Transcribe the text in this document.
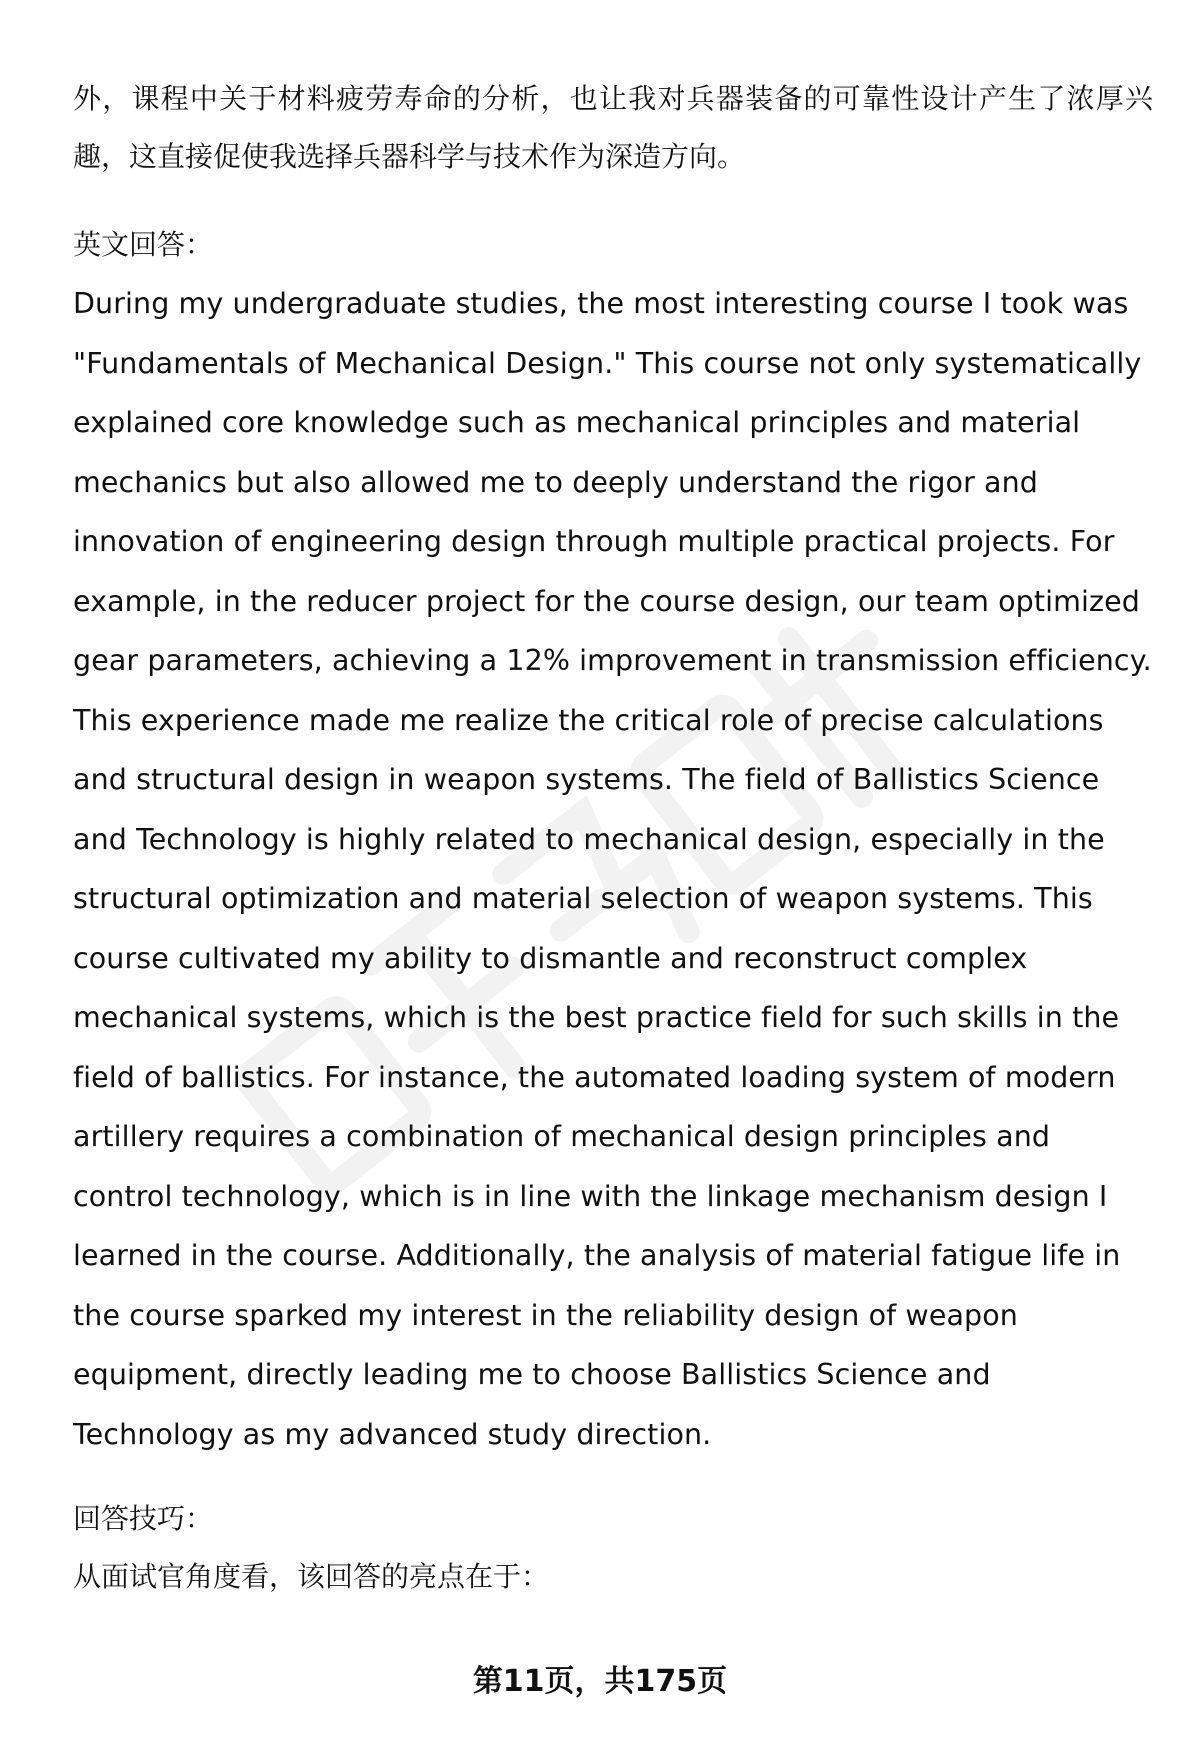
外，课程中关于材料疲劳寿命的分析，也让我对兵器装备的可靠性设计产生了浓厚兴趣，这直接促使我选择兵器科学与技术作为深造方向。

英文回答：

During my undergraduate studies, the most interesting course I took was "Fundamentals of Mechanical Design." This course not only systematically explained core knowledge such as mechanical principles and material mechanics but also allowed me to deeply understand the rigor and innovation of engineering design through multiple practical projects. For example, in the reducer project for the course design, our team optimized gear parameters, achieving a 12% improvement in transmission efficiency. This experience made me realize the critical role of precise calculations and structural design in weapon systems. The field of Ballistics Science and Technology is highly related to mechanical design, especially in the structural optimization and material selection of weapon systems. This course cultivated my ability to dismantle and reconstruct complex mechanical systems, which is the best practice field for such skills in the field of ballistics. For instance, the automated loading system of modern artillery requires a combination of mechanical design principles and control technology, which is in line with the linkage mechanism design I learned in the course. Additionally, the analysis of material fatigue life in the course sparked my interest in the reliability design of weapon equipment, directly leading me to choose Ballistics Science and Technology as my advanced study direction.

回答技巧：

从面试官角度看，该回答的亮点在于：

第11页，共175页
